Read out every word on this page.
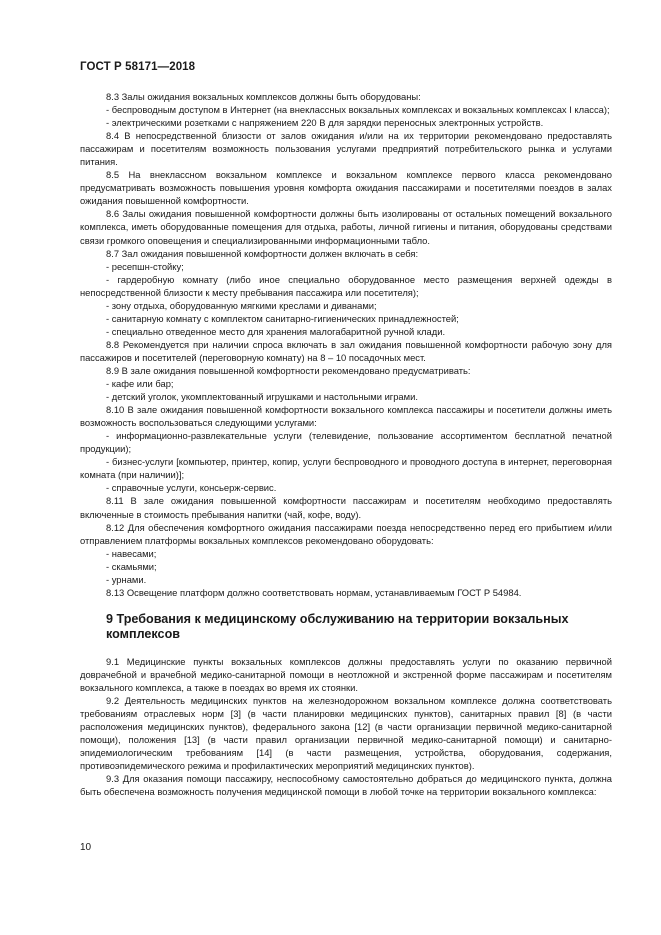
ГОСТ Р 58171—2018

8.3 Залы ожидания вокзальных комплексов должны быть оборудованы:

- беспроводным доступом в Интернет (на внеклассных вокзальных комплексах и вокзальных комплексах I класса);

- электрическими розетками с напряжением 220 В для зарядки переносных электронных устройств.

8.4 В непосредственной близости от залов ожидания и/или на их территории рекомендовано предоставлять пассажирам и посетителям возможность пользования услугами предприятий потребительского рынка и услугами питания.

8.5 На внеклассном вокзальном комплексе и вокзальном комплексе первого класса рекомендовано предусматривать возможность повышения уровня комфорта ожидания пассажирами и посетителями поездов в залах ожидания повышенной комфортности.

8.6 Залы ожидания повышенной комфортности должны быть изолированы от остальных помещений вокзального комплекса, иметь оборудованные помещения для отдыха, работы, личной гигиены и питания, оборудованы средствами связи громкого оповещения и специализированными информационными табло.

8.7 Зал ожидания повышенной комфортности должен включать в себя:

- ресепшн-стойку;

- гардеробную комнату (либо иное специально оборудованное место размещения верхней одежды в непосредственной близости к месту пребывания пассажира или посетителя);

- зону отдыха, оборудованную мягкими креслами и диванами;

- санитарную комнату с комплектом санитарно-гигиенических принадлежностей;

- специально отведенное место для хранения малогабаритной ручной клади.

8.8 Рекомендуется при наличии спроса включать в зал ожидания повышенной комфортности рабочую зону для пассажиров и посетителей (переговорную комнату) на 8 – 10 посадочных мест.

8.9 В зале ожидания повышенной комфортности рекомендовано предусматривать:

- кафе или бар;

- детский уголок, укомплектованный игрушками и настольными играми.

8.10 В зале ожидания повышенной комфортности вокзального комплекса пассажиры и посетители должны иметь возможность воспользоваться следующими услугами:

- информационно-развлекательные услуги (телевидение, пользование ассортиментом бесплатной печатной продукции);

- бизнес-услуги [компьютер, принтер, копир, услуги беспроводного и проводного доступа в интернет, переговорная комната (при наличии)];

- справочные услуги, консьерж-сервис.

8.11 В зале ожидания повышенной комфортности пассажирам и посетителям необходимо предоставлять включенные в стоимость пребывания напитки (чай, кофе, воду).

8.12 Для обеспечения комфортного ожидания пассажирами поезда непосредственно перед его прибытием и/или отправлением платформы вокзальных комплексов рекомендовано оборудовать:

- навесами;

- скамьями;

- урнами.

8.13 Освещение платформ должно соответствовать нормам, устанавливаемым ГОСТ Р 54984.

9 Требования к медицинскому обслуживанию на территории вокзальных комплексов

9.1 Медицинские пункты вокзальных комплексов должны предоставлять услуги по оказанию первичной доврачебной и врачебной медико-санитарной помощи в неотложной и экстренной форме пассажирам и посетителям вокзального комплекса, а также в поездах во время их стоянки.

9.2 Деятельность медицинских пунктов на железнодорожном вокзальном комплексе должна соответствовать требованиям отраслевых норм [3] (в части планировки медицинских пунктов), санитарных правил [8] (в части расположения медицинских пунктов), федерального закона [12] (в части организации первичной медико-санитарной помощи), положения [13] (в части правил организации первичной медико-санитарной помощи) и санитарно-эпидемиологическим требованиям [14] (в части размещения, устройства, оборудования, содержания, противоэпидемического режима и профилактических мероприятий медицинских пунктов).

9.3 Для оказания помощи пассажиру, неспособному самостоятельно добраться до медицинского пункта, должна быть обеспечена возможность получения медицинской помощи в любой точке на территории вокзального комплекса:

10
